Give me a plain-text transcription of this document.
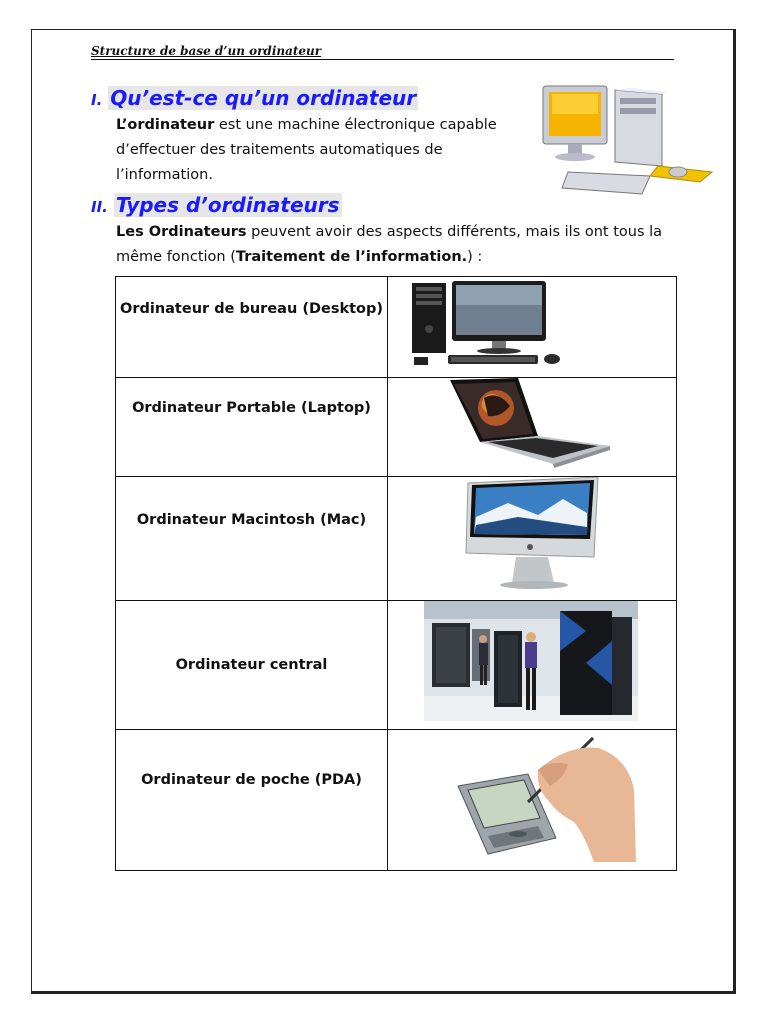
Structure de base d’un ordinateur
I. Qu’est-ce qu’un ordinateur
L’ordinateur est une machine électronique capable
d’effectuer des traitements automatiques de
l’information.
II. Types d’ordinateurs
Les Ordinateurs peuvent avoir des aspects différents, mais ils ont tous la
même fonction (Traitement de l’information.) :
Ordinateur de bureau (Desktop)	

Ordinateur Portable (Laptop)	

Ordinateur Macintosh (Mac)	

Ordinateur central	

Ordinateur de poche (PDA)	
